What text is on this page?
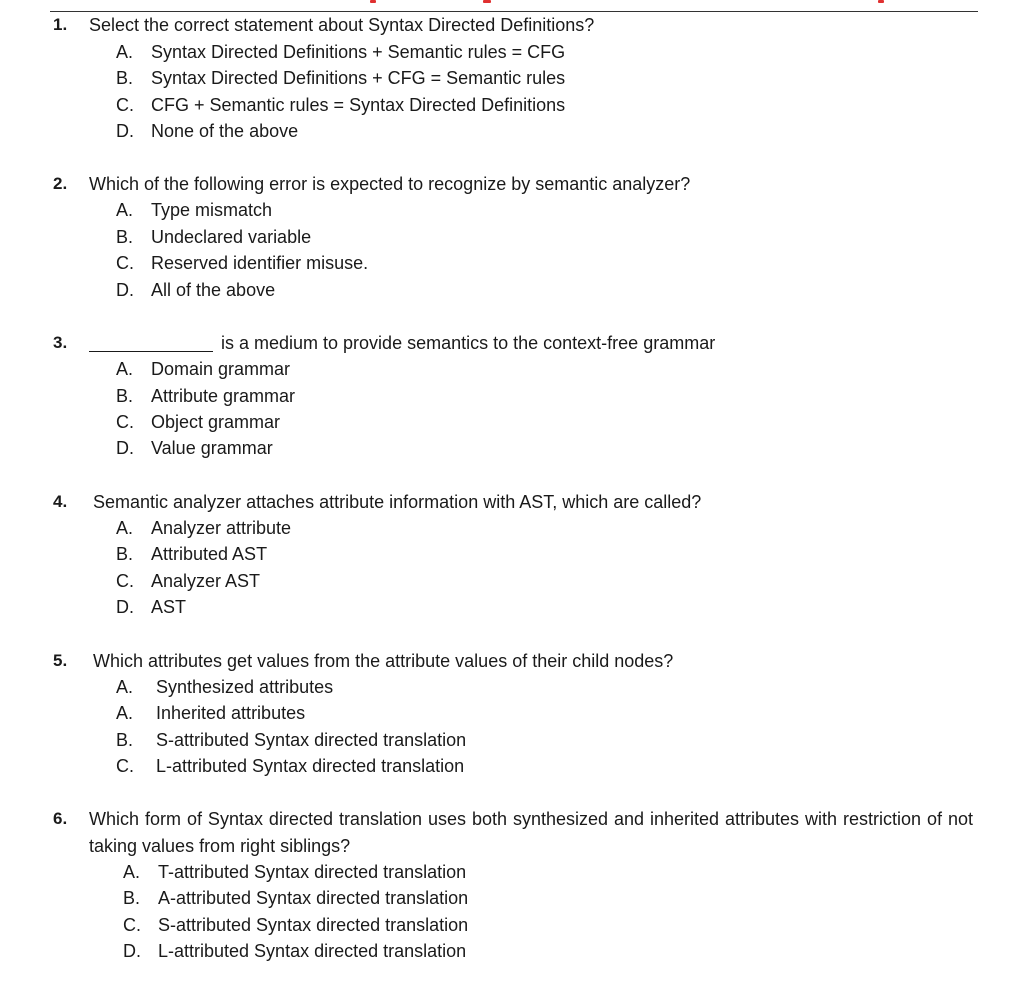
1. Select the correct statement about Syntax Directed Definitions?
A. Syntax Directed Definitions + Semantic rules = CFG
B. Syntax Directed Definitions + CFG = Semantic rules
C. CFG + Semantic rules = Syntax Directed Definitions
D. None of the above
2. Which of the following error is expected to recognize by semantic analyzer?
A. Type mismatch
B. Undeclared variable
C. Reserved identifier misuse.
D. All of the above
3.	is a medium to provide semantics to the context-free grammar
A. Domain grammar
B. Attribute grammar
C. Object grammar
D. Value grammar
4. Semantic analyzer attaches attribute information with AST, which are called?
A. Analyzer attribute
B. Attributed AST
C. Analyzer AST
D. AST
5. Which attributes get values from the attribute values of their child nodes?
A. Synthesized attributes
A. Inherited attributes
B. S-attributed Syntax directed translation
C. L-attributed Syntax directed translation
6. Which form of Syntax directed translation uses both synthesized and inherited attributes with restriction of not taking values from right siblings?
A. T-attributed Syntax directed translation
B. A-attributed Syntax directed translation
C. S-attributed Syntax directed translation
D. L-attributed Syntax directed translation
